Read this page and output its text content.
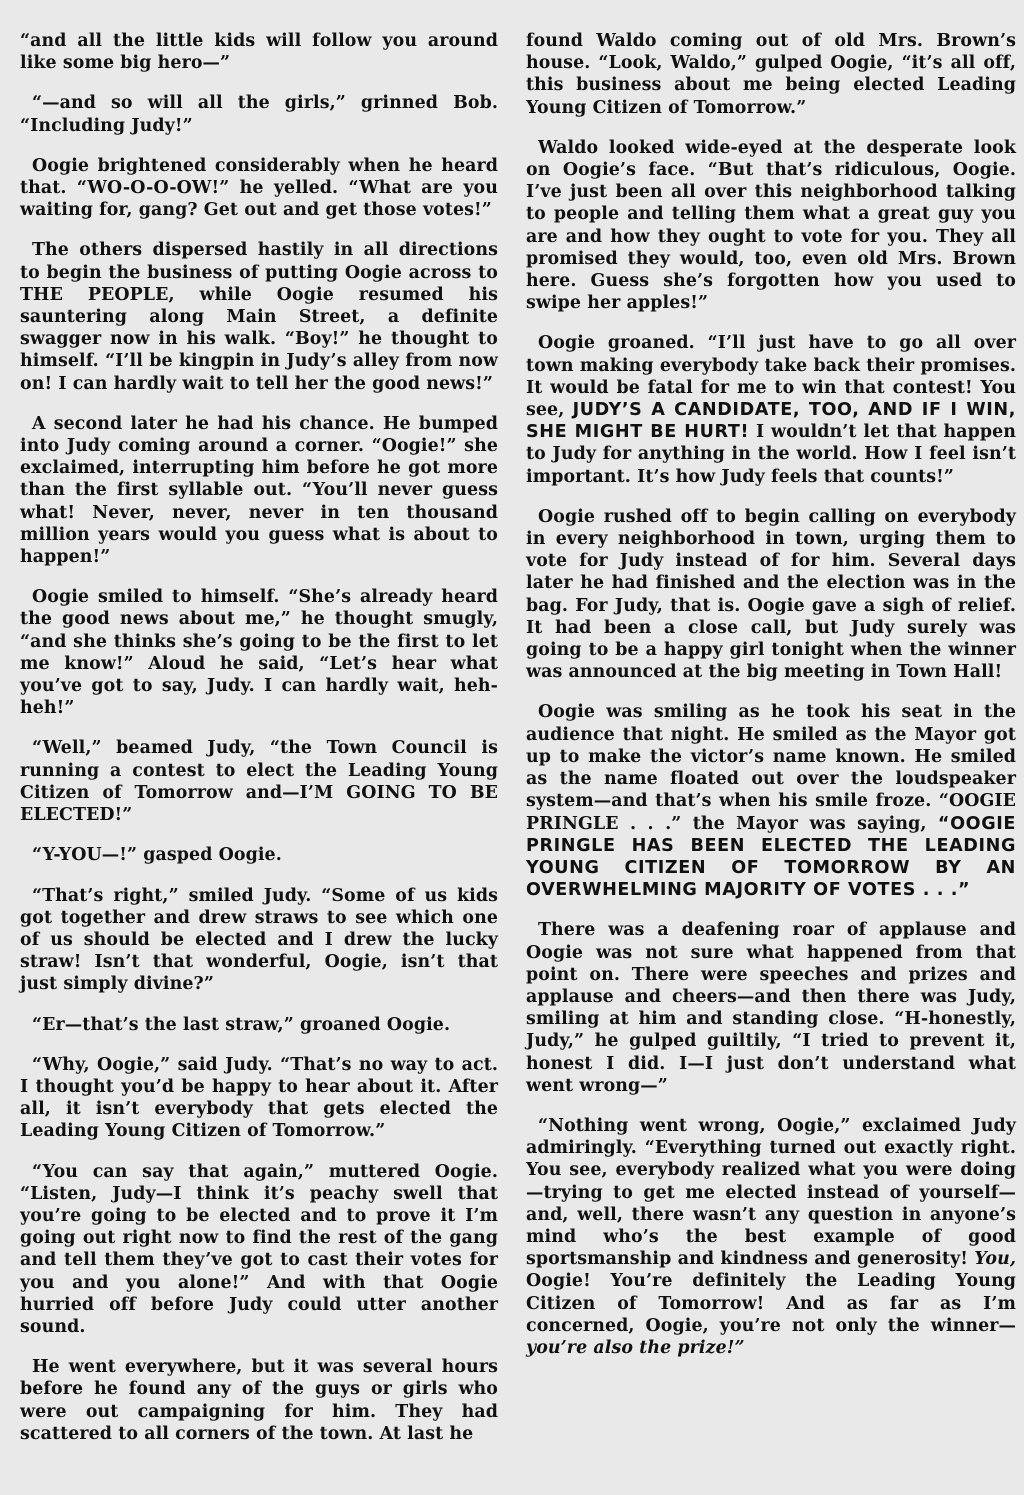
“and all the little kids will follow you around like some big hero—”

“—and so will all the girls,” grinned Bob. “Including Judy!”

Oogie brightened considerably when he heard that. “WO-O-O-OW!” he yelled. “What are you waiting for, gang? Get out and get those votes!”

The others dispersed hastily in all directions to begin the business of putting Oogie across to THE PEOPLE, while Oogie resumed his sauntering along Main Street, a definite swagger now in his walk. “Boy!” he thought to himself. “I’ll be kingpin in Judy’s alley from now on! I can hardly wait to tell her the good news!”

A second later he had his chance. He bumped into Judy coming around a corner. “Oogie!” she exclaimed, interrupting him before he got more than the first syllable out. “You’ll never guess what! Never, never, never in ten thousand million years would you guess what is about to happen!”

Oogie smiled to himself. “She’s already heard the good news about me,” he thought smugly, “and she thinks she’s going to be the first to let me know!” Aloud he said, “Let’s hear what you’ve got to say, Judy. I can hardly wait, heh-heh!”

“Well,” beamed Judy, “the Town Council is running a contest to elect the Leading Young Citizen of Tomorrow and—I’M GOING TO BE ELECTED!”

“Y-YOU—!” gasped Oogie.

“That’s right,” smiled Judy. “Some of us kids got together and drew straws to see which one of us should be elected and I drew the lucky straw! Isn’t that wonderful, Oogie, isn’t that just simply divine?”

“Er—that’s the last straw,” groaned Oogie.

“Why, Oogie,” said Judy. “That’s no way to act. I thought you’d be happy to hear about it. After all, it isn’t everybody that gets elected the Leading Young Citizen of Tomorrow.”

“You can say that again,” muttered Oogie. “Listen, Judy—I think it’s peachy swell that you’re going to be elected and to prove it I’m going out right now to find the rest of the gang and tell them they’ve got to cast their votes for you and you alone!” And with that Oogie hurried off before Judy could utter another sound.

He went everywhere, but it was several hours before he found any of the guys or girls who were out campaigning for him. They had scattered to all corners of the town. At last he

found Waldo coming out of old Mrs. Brown’s house. “Look, Waldo,” gulped Oogie, “it’s all off, this business about me being elected Leading Young Citizen of Tomorrow.”

Waldo looked wide-eyed at the desperate look on Oogie’s face. “But that’s ridiculous, Oogie. I’ve just been all over this neighborhood talking to people and telling them what a great guy you are and how they ought to vote for you. They all promised they would, too, even old Mrs. Brown here. Guess she’s forgotten how you used to swipe her apples!”

Oogie groaned. “I’ll just have to go all over town making everybody take back their promises. It would be fatal for me to win that contest! You see, JUDY’S A CANDIDATE, TOO, AND IF I WIN, SHE MIGHT BE HURT! I wouldn’t let that happen to Judy for anything in the world. How I feel isn’t important. It’s how Judy feels that counts!”

Oogie rushed off to begin calling on everybody in every neighborhood in town, urging them to vote for Judy instead of for him. Several days later he had finished and the election was in the bag. For Judy, that is. Oogie gave a sigh of relief. It had been a close call, but Judy surely was going to be a happy girl tonight when the winner was announced at the big meeting in Town Hall!

Oogie was smiling as he took his seat in the audience that night. He smiled as the Mayor got up to make the victor’s name known. He smiled as the name floated out over the loudspeaker system—and that’s when his smile froze. “OOGIE PRINGLE . . .” the Mayor was saying, “OOGIE PRINGLE HAS BEEN ELECTED THE LEADING YOUNG CITIZEN OF TOMORROW BY AN OVERWHELMING MAJORITY OF VOTES . . .”

There was a deafening roar of applause and Oogie was not sure what happened from that point on. There were speeches and prizes and applause and cheers—and then there was Judy, smiling at him and standing close. “H-honestly, Judy,” he gulped guiltily, “I tried to prevent it, honest I did. I—I just don’t understand what went wrong—”

“Nothing went wrong, Oogie,” exclaimed Judy admiringly. “Everything turned out exactly right. You see, everybody realized what you were doing—trying to get me elected instead of yourself—and, well, there wasn’t any question in anyone’s mind who’s the best example of good sportsmanship and kindness and generosity! You, Oogie! You’re definitely the Leading Young Citizen of Tomorrow! And as far as I’m concerned, Oogie, you’re not only the winner—you’re also the prize!”
